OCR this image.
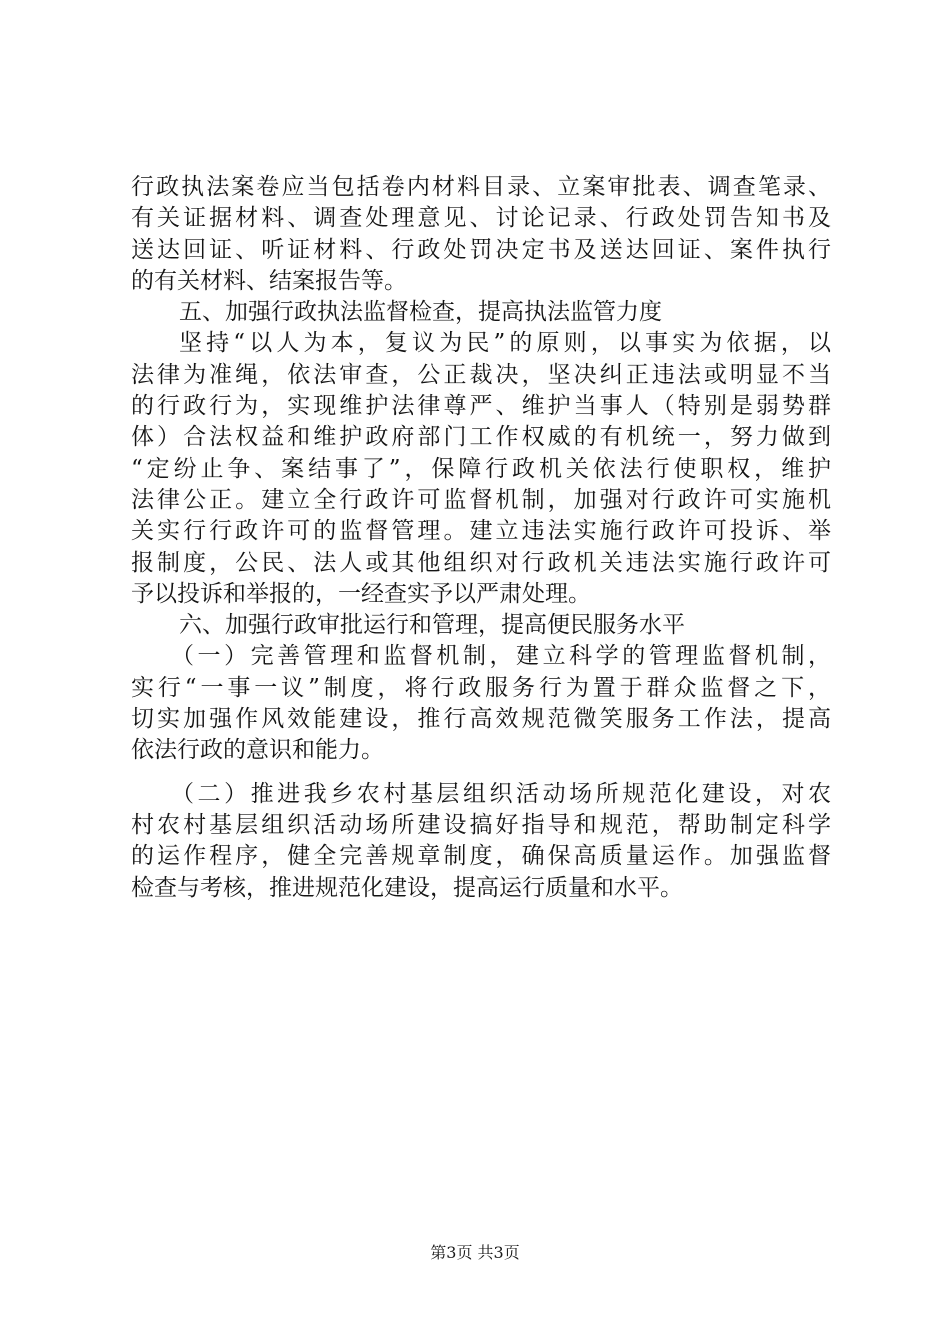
行政执法案卷应当包括卷内材料目录、立案审批表、调查笔录、
有关证据材料、调查处理意见、讨论记录、行政处罚告知书及
送达回证、听证材料、行政处罚决定书及送达回证、案件执行
的有关材料、结案报告等。
五、加强行政执法监督检查，提高执法监管力度
坚持“以人为本，复议为民”的原则，以事实为依据，以
法律为准绳，依法审查，公正裁决，坚决纠正违法或明显不当
的行政行为，实现维护法律尊严、维护当事人（特别是弱势群
体）合法权益和维护政府部门工作权威的有机统一，努力做到
“定纷止争、案结事了”，保障行政机关依法行使职权，维护
法律公正。建立全行政许可监督机制，加强对行政许可实施机
关实行行政许可的监督管理。建立违法实施行政许可投诉、举
报制度，公民、法人或其他组织对行政机关违法实施行政许可
予以投诉和举报的，一经查实予以严肃处理。
六、加强行政审批运行和管理，提高便民服务水平
（一）完善管理和监督机制，建立科学的管理监督机制，
实行“一事一议”制度，将行政服务行为置于群众监督之下，
切实加强作风效能建设，推行高效规范微笑服务工作法，提高
依法行政的意识和能力。
（二）推进我乡农村基层组织活动场所规范化建设，对农
村农村基层组织活动场所建设搞好指导和规范，帮助制定科学
的运作程序，健全完善规章制度，确保高质量运作。加强监督
检查与考核，推进规范化建设，提高运行质量和水平。
第3页 共3页
